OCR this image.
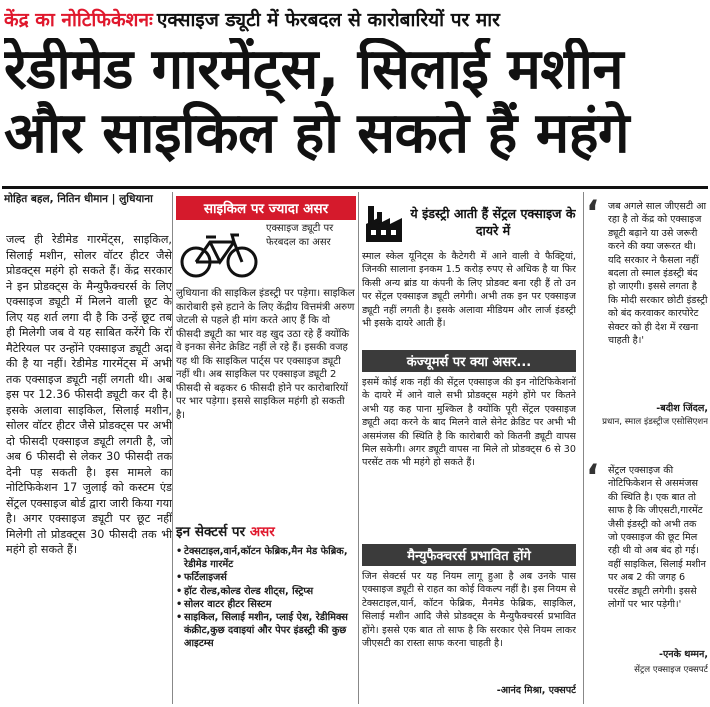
केंद्र का नोटिफिकेशनः एक्साइज ड्यूटी में फेरबदल से कारोबारियों पर मार
रेडीमेड गारमेंट्स, सिलाई मशीन
और साइकिल हो सकते हैं महंगे
मोहित बहल, नितिन धीमान | लुधियाना
जल्द ही रेडीमेड गारमेंट्स, साइकिल, सिलाई मशीन, सोलर वॉटर हीटर जैसे प्रोडक्ट्स महंगे हो सकते हैं। केंद्र सरकार ने इन प्रोडक्ट्स के मैन्युफैक्चरर्स के लिए एक्साइज ड्यूटी में मिलने वाली छूट के लिए यह शर्त लगा दी है कि उन्हें छूट तब ही मिलेगी जब वे यह साबित करेंगे कि रॉ मैटेरियल पर उन्होंने एक्साइज ड्यूटी अदा की है या नहीं। रेडीमेड गारमेंट्स में अभी तक एक्साइज ड्यूटी नहीं लगती थी। अब इस पर 12.36 फीसदी ड्यूटी कर दी है। इसके अलावा साइकिल, सिलाई मशीन, सोलर वॉटर हीटर जैसे प्रोडक्ट्स पर अभी दो फीसदी एक्साइज ड्यूटी लगती है, जो अब 6 फीसदी से लेकर 30 फीसदी तक देनी पड़ सकती है। इस मामले का नोटिफिकेशन 17 जुलाई को कस्टम एंड सेंट्रल एक्साइज बोर्ड द्वारा जारी किया गया है। अगर एक्साइज ड्यूटी पर छूट नहीं मिलेगी तो प्रोडक्ट्स 30 फीसदी तक भी महंगे हो सकते हैं।
साइकिल पर ज्यादा असर
एक्साइज ड्यूटी पर फेरबदल का असर
लुधियाना की साइकिल इंडस्ट्री पर पड़ेगा। साइकिल कारोबारी इसे हटाने के लिए केंद्रीय वित्तमंत्री अरुण जेटली से पहले ही मांग करते आए हैं कि वो फीसदी ड्यूटी का भार वह खुद उठा रहे हैं क्योंकि वे इनका सेनेट क्रेडिट नहीं ले रहे हैं। इसकी वजह यह थी कि साइकिल पार्ट्स पर एक्साइज ड्यूटी नहीं थी। अब साइकिल पर एक्साइज ड्यूटी 2 फीसदी से बढ़कर 6 फीसदी होने पर कारोबारियों पर भार पड़ेगा। इससे साइकिल महंगी हो सकती है।
इन सेक्टर्स पर असर
• टेक्सटाइल,वार्न,कॉटन फेब्रिक,मैन मेड फेब्रिक, रेडीमेड गारमेंट
• फर्टिलाइजर्स
• हॉट रोल्ड,कोल्ड रोल्ड शीट्स, स्ट्रिप्स
• सोलर वाटर हीटर सिस्टम
• साइकिल, सिलाई मशीन, प्लाई ऐश, रेडीमिक्स कंक्रीट,कुछ दवाइयां और पेपर इंडस्ट्री की कुछ आइटम्स
ये इंडस्ट्री आती हैं सेंट्रल एक्साइज के दायरे में
स्माल स्केल यूनिट्स के कैटेगरी में आने वाली वे फैक्ट्रियां, जिनकी सालाना इनकम 1.5 करोड़ रुपए से अधिक है या फिर किसी अन्य ब्रांड या कंपनी के लिए प्रोडक्ट बना रही हैं तो उन पर सेंट्रल एक्साइज ड्यूटी लगेगी। अभी तक इन पर एक्साइज ड्यूटी नहीं लगती है। इसके अलावा मीडियम और लार्ज इंडस्ट्री भी इसके दायरे आती हैं।
कंज्यूमर्स पर क्या असर...
इसमें कोई शक नहीं की सेंट्रल एक्साइज की इन नोटिफिकेशनों के दायरे में आने वाले सभी प्रोडक्ट्स महंगे होंगे पर कितने अभी यह कह पाना मुश्किल है क्योंकि पूरी सेंट्रल एक्साइज ड्यूटी अदा करने के बाद मिलने वाले सेनेट क्रेडिट पर अभी भी असमंजस की स्थिति है कि कारोबारी को कितनी ड्यूटी वापस मिल सकेगी। अगर ड्यूटी वापस ना मिले तो प्रोडक्ट्स 6 से 30 परसेंट तक भी महंगे हो सकते हैं।
मैन्युफैक्चरर्स प्रभावित होंगे
जिन सेक्टर्स पर यह नियम लागू हुआ है अब उनके पास एक्साइज ड्यूटी से राहत का कोई विकल्प नहीं है। इस नियम से टेक्सटाइल,यार्न, कॉटन फेब्रिक, मैनमेड फेब्रिक, साइकिल, सिलाई मशीन आदि जैसे प्रोडक्ट्स के मैन्युफैक्चरर्स प्रभावित होंगे। इससे एक बात तो साफ है कि सरकार ऐसे नियम लाकर जीएसटी का रास्ता साफ करना चाहती है।
-आनंद मिश्रा, एक्सपर्ट
‘ जब अगले साल जीएसटी आ रहा है तो केंद्र को एक्साइज ड्यूटी बढ़ाने या उसे जरूरी करने की क्या जरूरत थी। यदि सरकार ने फैसला नहीं बदला तो स्माल इंडस्ट्री बंद हो जाएगी। इससे लगता है कि मोदी सरकार छोटी इंडस्ट्री को बंद करवाकर कारपोरेट सेक्टर को ही देश में रखना चाहती है।'
-बदीश जिंदल,
प्रधान, स्माल इंडस्ट्रीज एसोसिएशन
‘ सेंट्रल एक्साइज की नोटिफिकेशन से असमंजस की स्थिति है। एक बात तो साफ है कि जीएसटी,गारमेंट जैसी इंडस्ट्री को अभी तक जो एक्साइज की छूट मिल रही थी वो अब बंद हो गई। वहीं साइकिल, सिलाई मशीन पर अब 2 की जगह 6 परसेंट ड्यूटी लगेगी। इससे लोगों पर भार पड़ेगी।'
-एनके थम्मन,
सेंट्रल एक्साइज एक्सपर्ट
